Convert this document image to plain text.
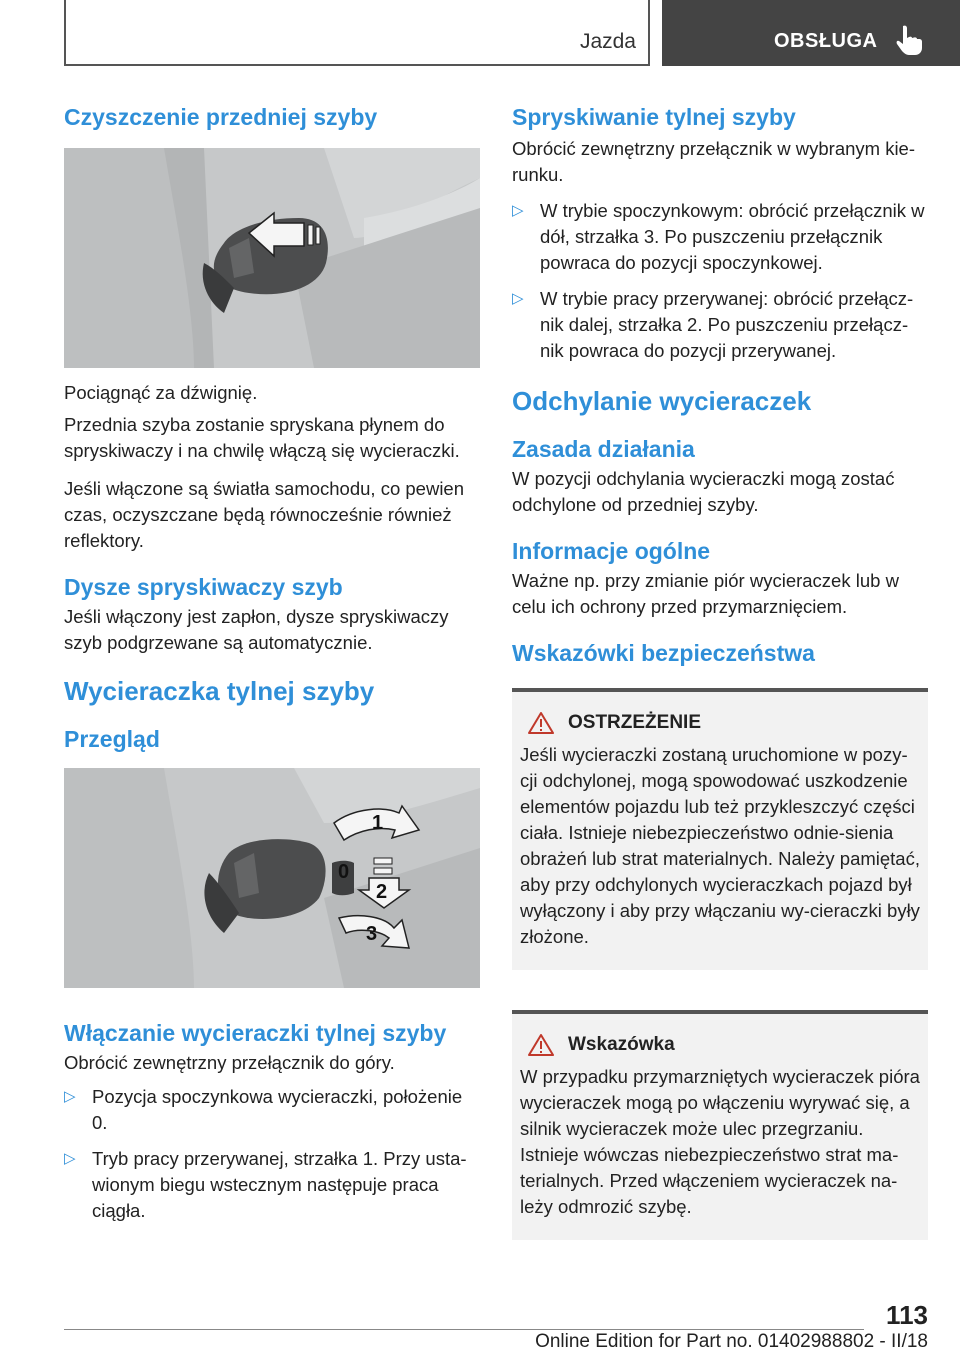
Jazda	OBSŁUGA
Czyszczenie przedniej szyby

Pociągnąć za dźwignię.

Przednia szyba zostanie spryskana płynem do spryskiwaczy i na chwilę włączą się wycieraczki.

Jeśli włączone są światła samochodu, co pewien czas, oczyszczane będą równocześnie również reflektory.

Dysze spryskiwaczy szyb

Jeśli włączony jest zapłon, dysze spryskiwaczy szyb podgrzewane są automatycznie.

Wycieraczka tylnej szyby
Przegląd
1
0
2
3
Włączanie wycieraczki tylnej szyby

Obrócić zewnętrzny przełącznik do góry.

▷ Pozycja spoczynkowa wycieraczki, położenie 0.
▷ Tryb pracy przerywanej, strzałka 1. Przy usta-wionym biegu wstecznym następuje praca ciągła.
Spryskiwanie tylnej szyby

Obrócić zewnętrzny przełącznik w wybranym kie-runku.

▷ W trybie spoczynkowym: obrócić przełącznik w dół, strzałka 3. Po puszczeniu przełącznik powraca do pozycji spoczynkowej.
▷ W trybie pracy przerywanej: obrócić przełącz-nik dalej, strzałka 2. Po puszczeniu przełącz-nik powraca do pozycji przerywanej.
Odchylanie wycieraczek
Zasada działania

W pozycji odchylania wycieraczki mogą zostać odchylone od przedniej szyby.

Informacje ogólne

Ważne np. przy zmianie piór wycieraczek lub w celu ich ochrony przed przymarznięciem.

Wskazówki bezpieczeństwa
OSTRZEŻENIE

Jeśli wycieraczki zostaną uruchomione w pozy-cji odchylonej, mogą spowodować uszkodzenie elementów pojazdu lub też przykleszczyć części ciała. Istnieje niebezpieczeństwo odnie-sienia obrażeń lub strat materialnych. Należy pamiętać, aby przy odchylonych wycieraczkach pojazd był wyłączony i aby przy włączaniu wy-cieraczki były złożone.

Wskazówka

W przypadku przymarzniętych wycieraczek pióra wycieraczek mogą po włączeniu wyrywać się, a silnik wycieraczek może ulec przegrzaniu. Istnieje wówczas niebezpieczeństwo strat ma-terialnych. Przed włączeniem wycieraczek na-leży odmrozić szybę.

113
Online Edition for Part no. 01402988802 - II/18
